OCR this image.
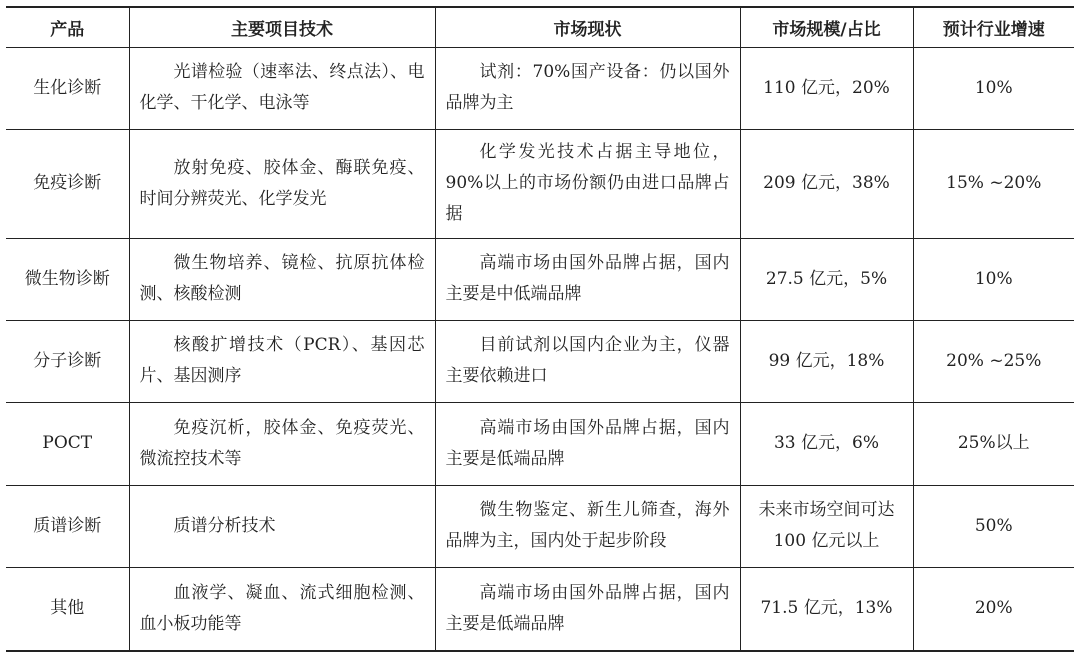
产品	主要项目技术	市场现状	市场规模/占比	预计行业增速
生化诊断	光谱检验（速率法、终点法）、电化学、干化学、电泳等	试剂：70%国产设备：仍以国外品牌为主	110 亿元，20%	10%
免疫诊断	放射免疫、胶体金、酶联免疫、时间分辨荧光、化学发光	化学发光技术占据主导地位，90%以上的市场份额仍由进口品牌占据	209 亿元，38%	15% ~20%
微生物诊断	微生物培养、镜检、抗原抗体检测、核酸检测	高端市场由国外品牌占据，国内主要是中低端品牌	27.5 亿元，5%	10%
分子诊断	核酸扩增技术（PCR）、基因芯片、基因测序	目前试剂以国内企业为主，仪器主要依赖进口	99 亿元，18%	20% ~25%
POCT	免疫沉析，胶体金、免疫荧光、微流控技术等	高端市场由国外品牌占据，国内主要是低端品牌	33 亿元，6%	25%以上
质谱诊断	质谱分析技术	微生物鉴定、新生儿筛查，海外品牌为主，国内处于起步阶段	未来市场空间可达 100 亿元以上	50%
其他	血液学、凝血、流式细胞检测、血小板功能等	高端市场由国外品牌占据，国内主要是低端品牌	71.5 亿元，13%	20%
